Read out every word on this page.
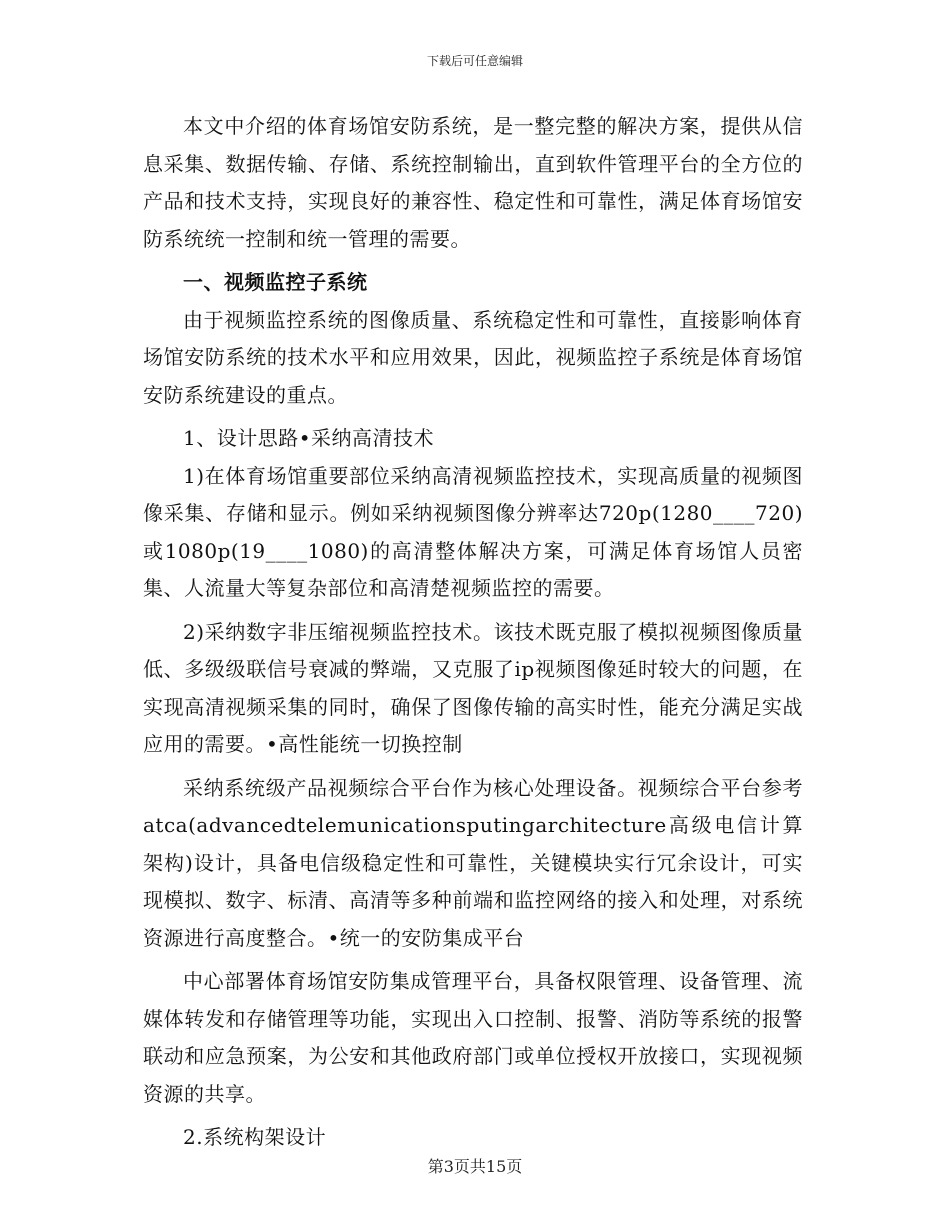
下载后可任意编辑

本文中介绍的体育场馆安防系统，是一整完整的解决方案，提供从信息采集、数据传输、存储、系统控制输出，直到软件管理平台的全方位的产品和技术支持，实现良好的兼容性、稳定性和可靠性，满足体育场馆安防系统统一控制和统一管理的需要。

一、视频监控子系统

由于视频监控系统的图像质量、系统稳定性和可靠性，直接影响体育场馆安防系统的技术水平和应用效果，因此，视频监控子系统是体育场馆安防系统建设的重点。

1、设计思路•采纳高清技术

1)在体育场馆重要部位采纳高清视频监控技术，实现高质量的视频图像采集、存储和显示。例如采纳视频图像分辨率达720p(1280____720)或1080p(19____1080)的高清整体解决方案，可满足体育场馆人员密集、人流量大等复杂部位和高清楚视频监控的需要。

2)采纳数字非压缩视频监控技术。该技术既克服了模拟视频图像质量低、多级级联信号衰减的弊端，又克服了ip视频图像延时较大的问题，在实现高清视频采集的同时，确保了图像传输的高实时性，能充分满足实战应用的需要。•高性能统一切换控制

采纳系统级产品视频综合平台作为核心处理设备。视频综合平台参考atca(advancedtelemunicationsputingarchitecture高级电信计算架构)设计，具备电信级稳定性和可靠性，关键模块实行冗余设计，可实现模拟、数字、标清、高清等多种前端和监控网络的接入和处理，对系统资源进行高度整合。•统一的安防集成平台

中心部署体育场馆安防集成管理平台，具备权限管理、设备管理、流媒体转发和存储管理等功能，实现出入口控制、报警、消防等系统的报警联动和应急预案，为公安和其他政府部门或单位授权开放接口，实现视频资源的共享。

2.系统构架设计

第3页共15页
